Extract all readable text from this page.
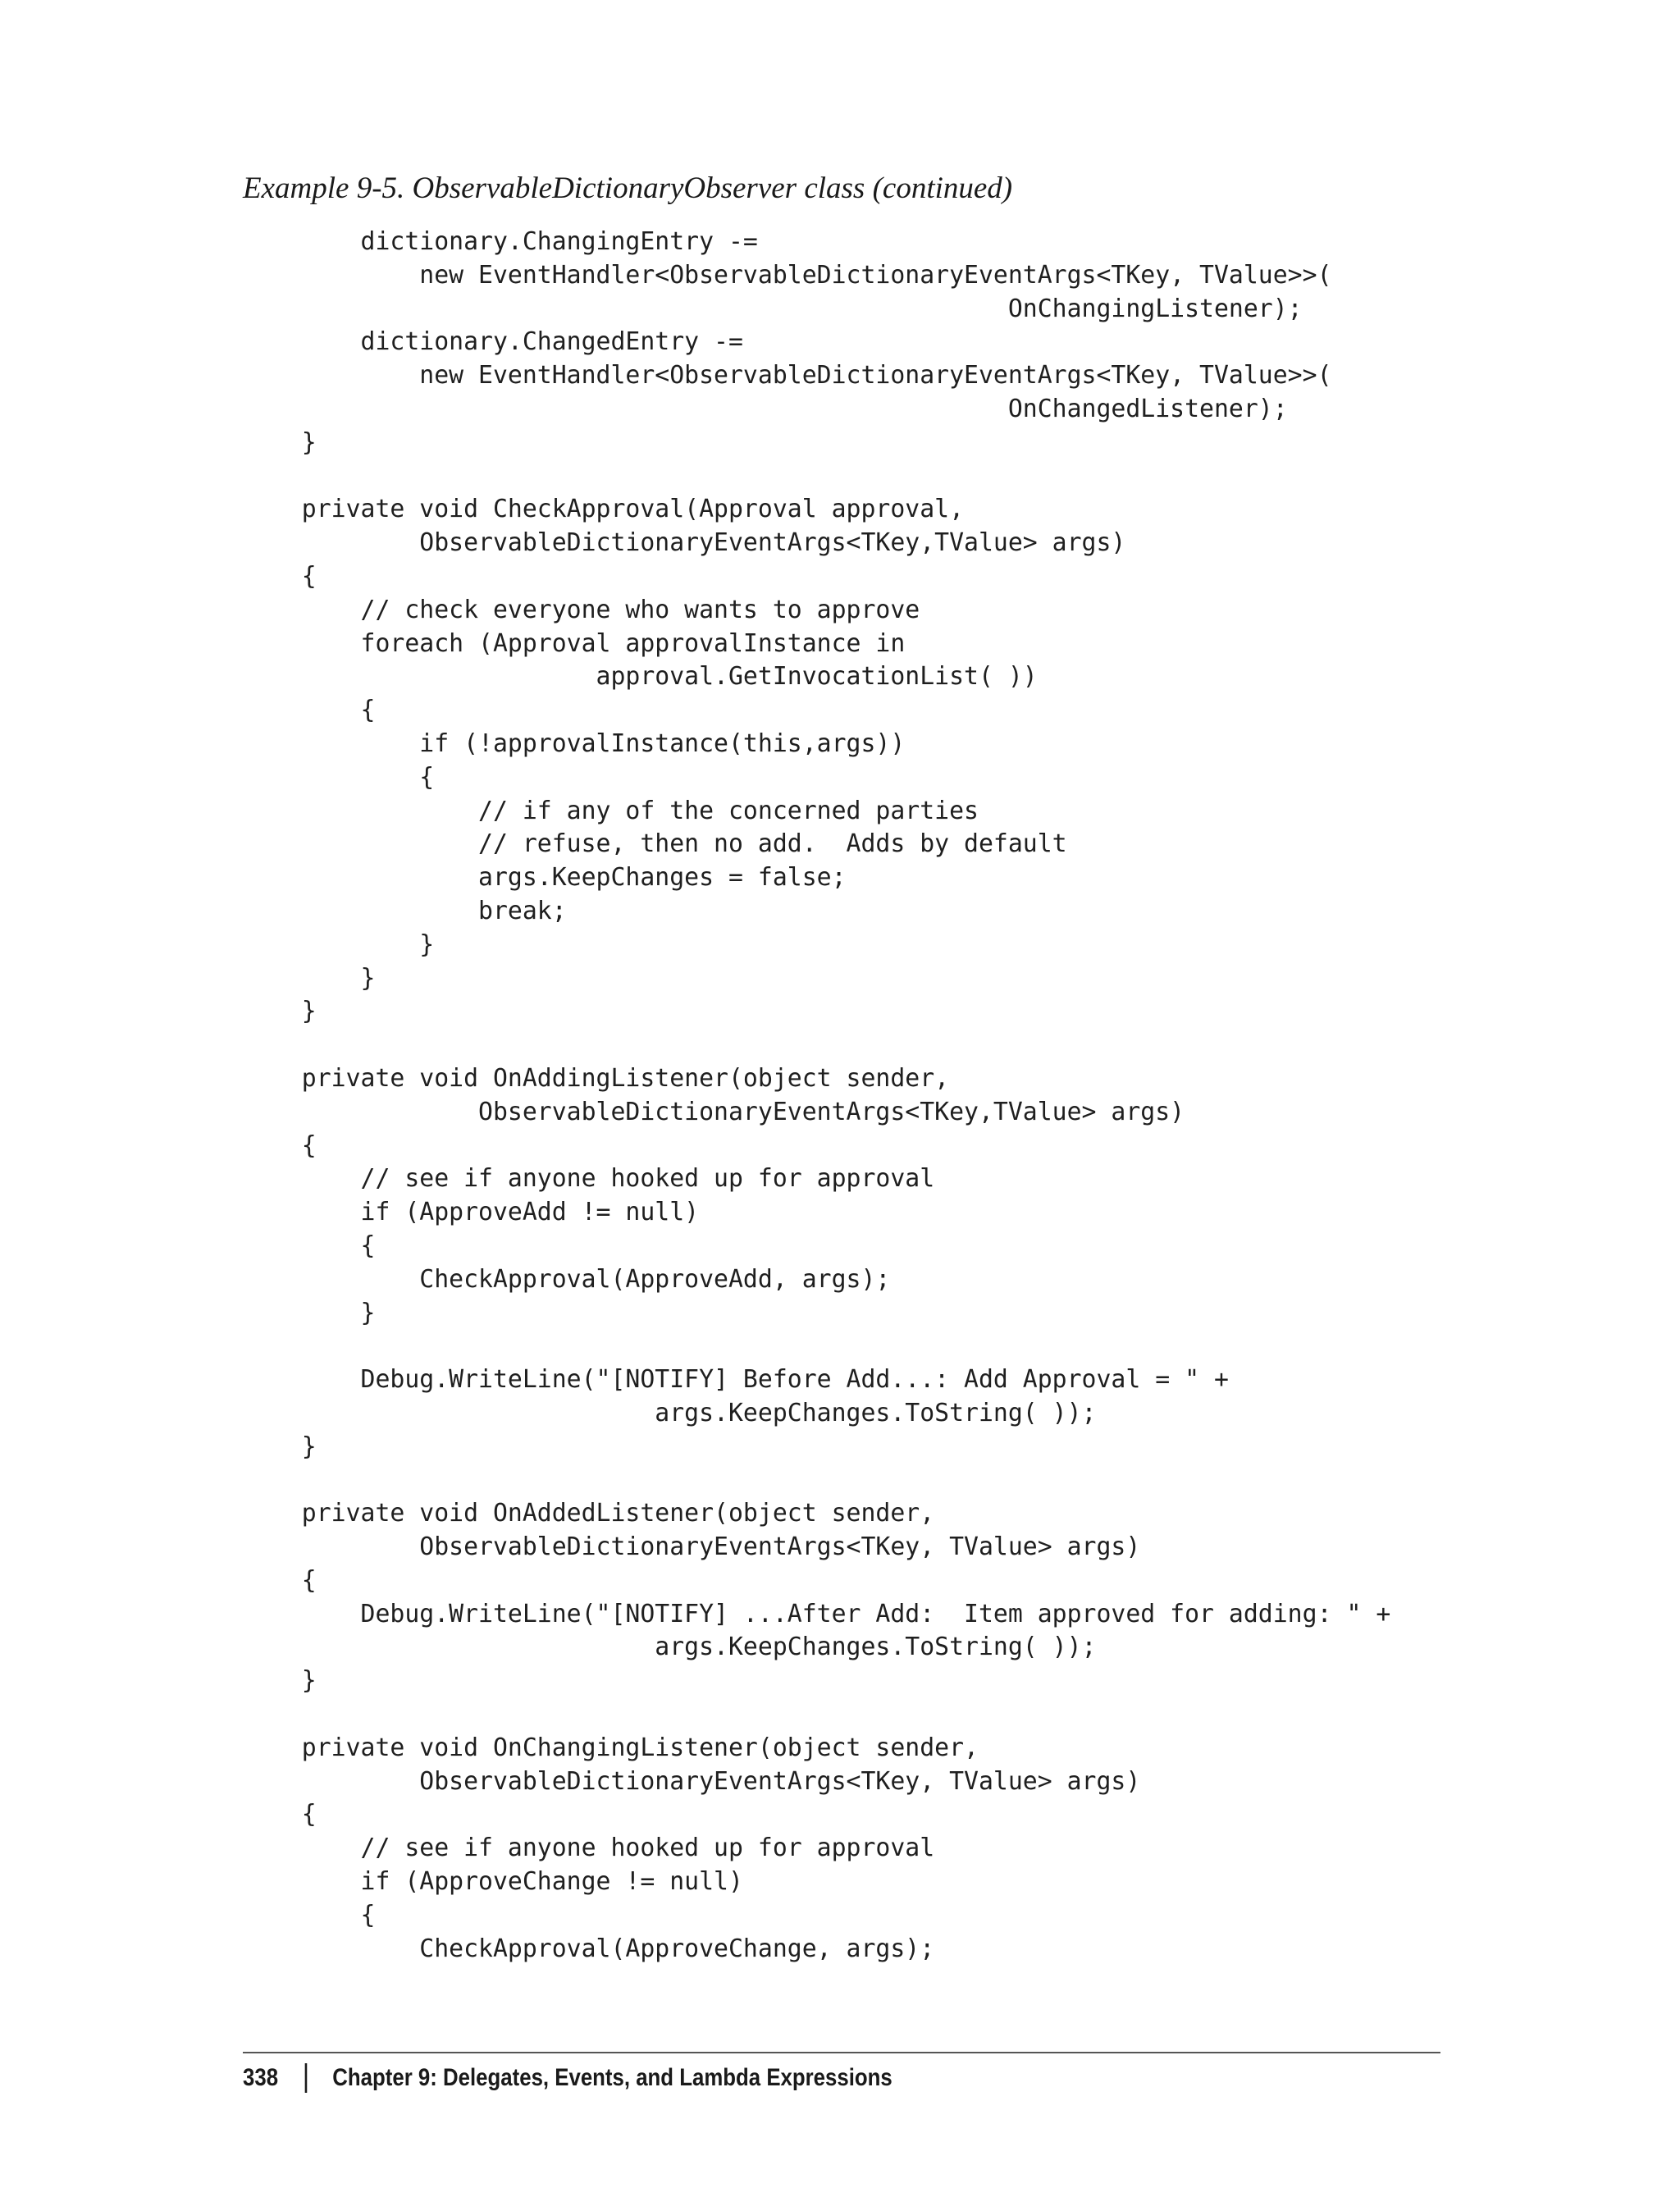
Example 9-5. ObservableDictionaryObserver class (continued)
dictionary.ChangingEntry -=
new EventHandler<ObservableDictionaryEventArgs<TKey, TValue>>(
OnChangingListener);
dictionary.ChangedEntry -=
new EventHandler<ObservableDictionaryEventArgs<TKey, TValue>>(
OnChangedListener);
}
private void CheckApproval(Approval approval,
ObservableDictionaryEventArgs<TKey,TValue> args)
{
// check everyone who wants to approve
foreach (Approval approvalInstance in
approval.GetInvocationList( ))
{
if (!approvalInstance(this,args))
{
// if any of the concerned parties
// refuse, then no add.  Adds by default
args.KeepChanges = false;
break;
}
}
}
private void OnAddingListener(object sender,
ObservableDictionaryEventArgs<TKey,TValue> args)
{
// see if anyone hooked up for approval
if (ApproveAdd != null)
{
CheckApproval(ApproveAdd, args);
}
Debug.WriteLine("[NOTIFY] Before Add...: Add Approval = " +
args.KeepChanges.ToString( ));
}
private void OnAddedListener(object sender,
ObservableDictionaryEventArgs<TKey, TValue> args)
{
Debug.WriteLine("[NOTIFY] ...After Add:  Item approved for adding: " +
args.KeepChanges.ToString( ));
}
private void OnChangingListener(object sender,
ObservableDictionaryEventArgs<TKey, TValue> args)
{
// see if anyone hooked up for approval
if (ApproveChange != null)
{
CheckApproval(ApproveChange, args);
338 Chapter 9: Delegates, Events, and Lambda Expressions
